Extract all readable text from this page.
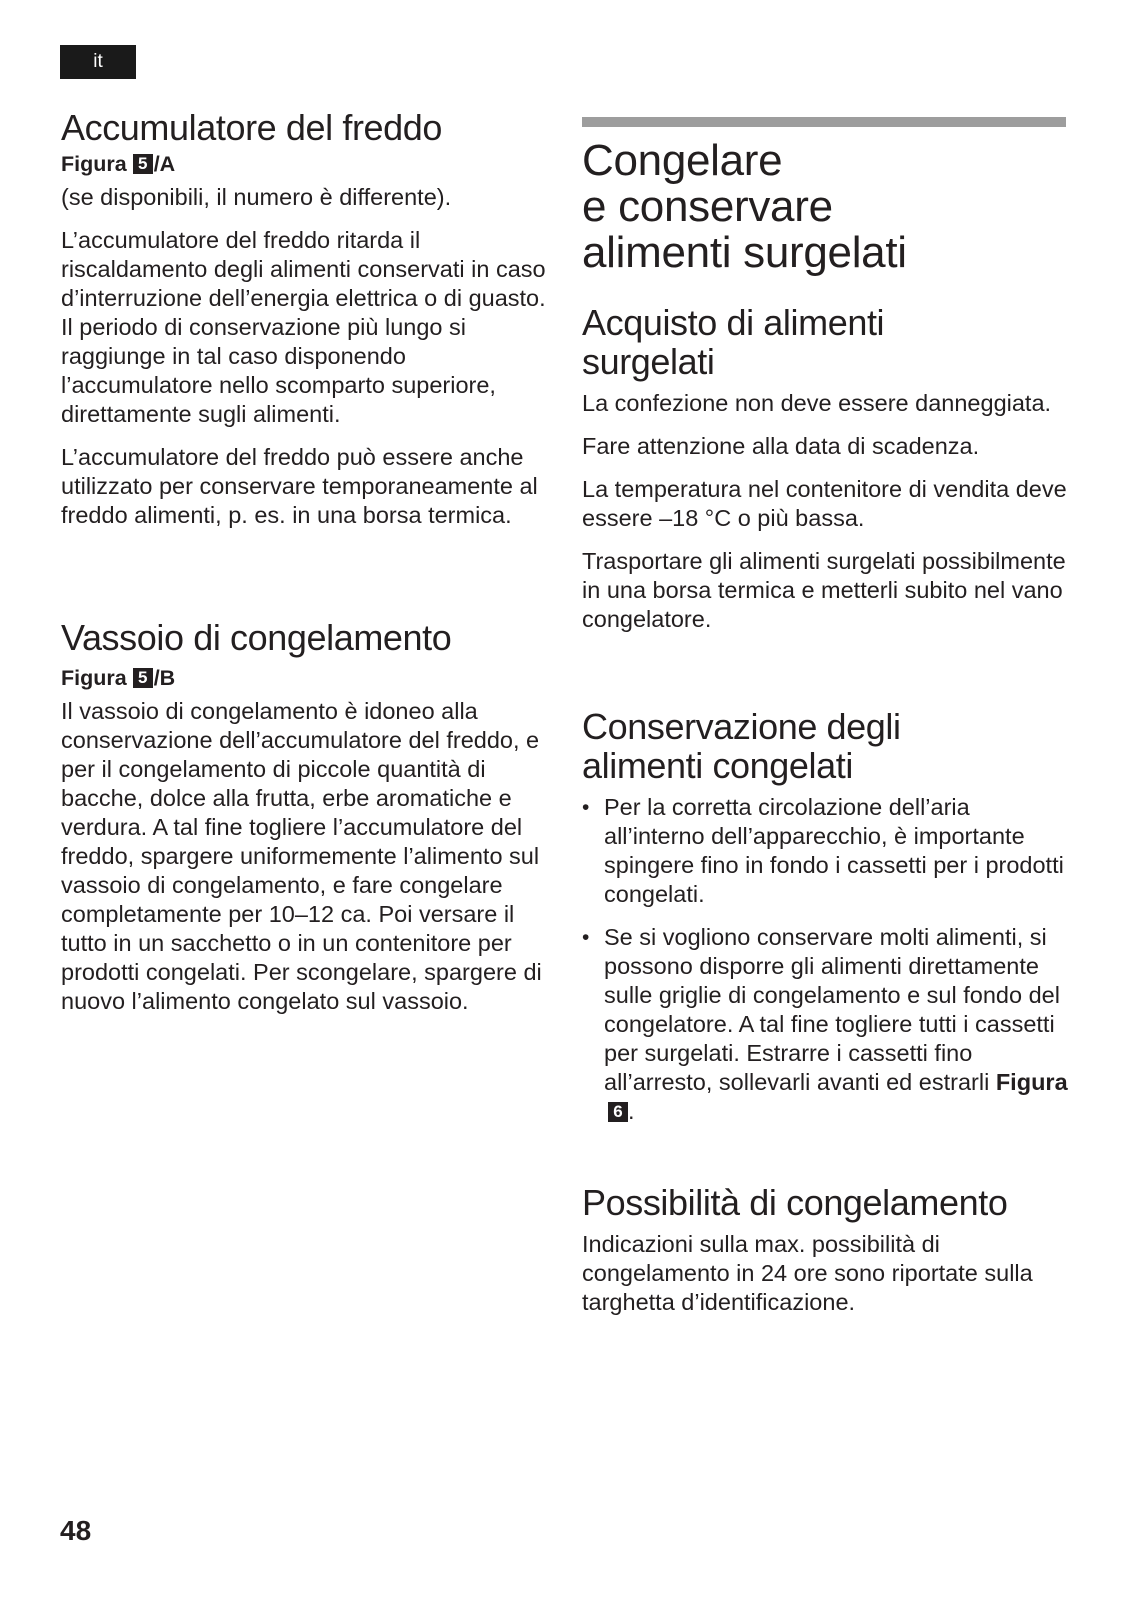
it
Accumulatore del freddo
Figura 5 /A

(se disponibili, il numero è differente).

L’accumulatore del freddo ritarda il riscaldamento degli alimenti conservati in caso d’interruzione dell’energia elettrica o di guasto. Il periodo di conservazione più lungo si raggiunge in tal caso disponendo l’accumulatore nello scomparto superiore, direttamente sugli alimenti.

L’accumulatore del freddo può essere anche utilizzato per conservare temporaneamente al freddo alimenti, p. es. in una borsa termica.

Vassoio di congelamento
Figura 5 /B

Il vassoio di congelamento è idoneo alla conservazione dell’accumulatore del freddo, e per il congelamento di piccole quantità di bacche, dolce alla frutta, erbe aromatiche e verdura. A tal fine togliere l’accumulatore del freddo, spargere uniformemente l’alimento sul vassoio di congelamento, e fare congelare completamente per 10–12 ca. Poi versare il tutto in un sacchetto o in un contenitore per prodotti congelati. Per scongelare, spargere di nuovo l’alimento congelato sul vassoio.

Congelare
e conservare
alimenti surgelati
Acquisto di alimenti
surgelati

La confezione non deve essere danneggiata.

Fare attenzione alla data di scadenza.

La temperatura nel contenitore di vendita deve essere –18 °C o più bassa.

Trasportare gli alimenti surgelati possibilmente in una borsa termica e metterli subito nel vano congelatore.

Conservazione degli
alimenti congelati
• Per la corretta circolazione dell’aria all’interno dell’apparecchio, è importante spingere fino in fondo i cassetti per i prodotti congelati.
• Se si vogliono conservare molti alimenti, si possono disporre gli alimenti direttamente sulle griglie di congelamento e sul fondo del congelatore. A tal fine togliere tutti i cassetti per surgelati. Estrarre i cassetti fino all’arresto, sollevarli avanti ed estrarli Figura6 .
Possibilità di congelamento

Indicazioni sulla max. possibilità di congelamento in 24 ore sono riportate sulla targhetta d’identificazione.

48
